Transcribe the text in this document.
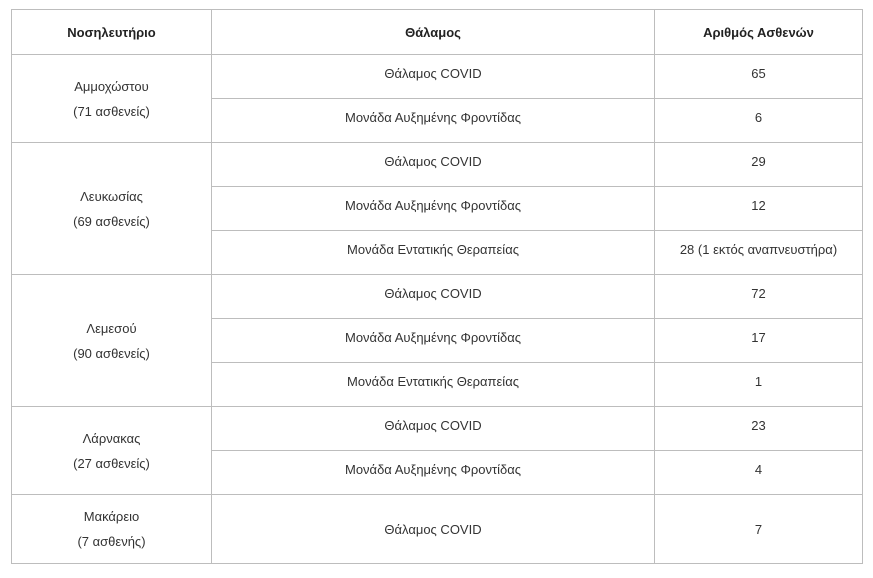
Νοσηλευτήριο	Θάλαμος	Αριθμός Ασθενών

Αμμοχώστου
(71 ασθενείς)	Θάλαμος COVID	65
	Μονάδα Αυξημένης Φροντίδας	6

Λευκωσίας
(69 ασθενείς)	Θάλαμος COVID	29
	Μονάδα Αυξημένης Φροντίδας	12
	Μονάδα Εντατικής Θεραπείας	28 (1 εκτός αναπνευστήρα)

Λεμεσού
(90 ασθενείς)	Θάλαμος COVID	72
	Μονάδα Αυξημένης Φροντίδας	17
	Μονάδα Εντατικής Θεραπείας	1

Λάρνακας
(27 ασθενείς)	Θάλαμος COVID	23
	Μονάδα Αυξημένης Φροντίδας	4

Μακάρειο
(7 ασθενής)	Θάλαμος COVID	7
